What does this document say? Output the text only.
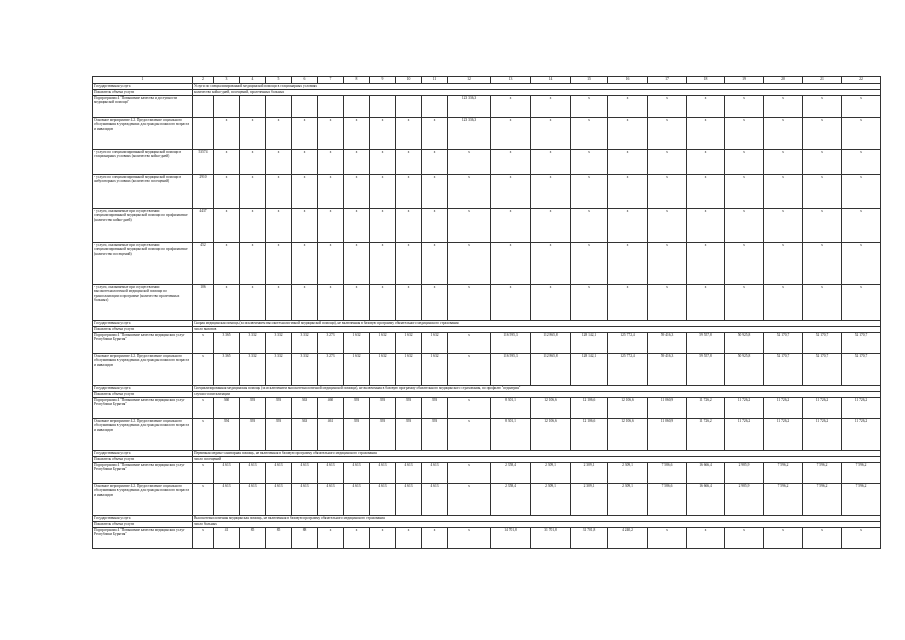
1	2	3	4	5	6	7	8	9	10	11	12	13	14	15	16	17	18	19	20	21	22
Государственная услуга	Услуги по специализированной медицинской помощи в стационарных условиях																				
Показатель объема услуги	количество койко-дней, посещений, пролеченных больных																				
Подпрограмма 4 "Повышение качества и доступности медицинской помощи"											123 336,3	x	x	x	x	x	x	x	x	x	x
Основное мероприятие 4.2. Предоставление социального обслуживания в учреждениях для граждан пожилого возраста и инвалидов		x	x	x	x	x	x	x	x	x	123 336,3	x	x	x	x	x	x	x	x	x	x
- услуги по специализированной медицинской помощи в стационарных условиях (количество койко-дней)	53574	x	x	x	x	x	x	x	x	x	x	x	x	x	x	x	x	x	x	x	x
- услуги по специализированной медицинской помощи в амбулаторных условиях (количество посещений)	2910	x	x	x	x	x	x	x	x	x	x	x	x	x	x	x	x	x	x	x	x
- услуги, оказываемые при осуществлении специализированной медицинской помощи по профилактике (количество койко-дней)	4437	x	x	x	x	x	x	x	x	x	x	x	x	x	x	x	x	x	x	x	x
- услуги, оказываемые при осуществлении специализированной медицинской помощи по профилактике (количество посещений)	452	x	x	x	x	x	x	x	x	x	x	x	x	x	x	x	x	x	x	x	x
- услуги, оказываемые при осуществлении высокотехнологичной медицинской помощи по трансплантации и программе (количество пролеченных больных)	106	x	x	x	x	x	x	x	x	x	x	x	x	x	x	x	x	x	x	x	x
Государственная услуга	Скорая медицинская помощь (за исключением высокотехнологичной медицинской помощи), не включенная в базовую программу обязательного медицинского страхования																				
Показатель объема услуги	число вызовов																				
Подпрограмма 4 "Повышение качества медицинских услуг Республики Бурятия"	x	3 365	3 332	3 332	3 332	3 273	1 632	1 632	1 632	1 632	x	116 595,3	112 865,8	128 142,1	125 772,4	59 416,3	59 557,8	50 925,8	52 170,7	52 170,7	52 170,7
Основное мероприятие 4.2. Предоставление социального обслуживания в учреждениях для граждан пожилого возраста и инвалидов	x	3 365	3 332	3 332	3 332	3 273	1 632	1 632	1 632	1 632	x	116 595,3	112 865,8	128 142,1	125 772,4	59 416,3	59 557,8	50 925,8	52 170,7	52 170,7	52 170,7
Государственная услуга	Специализированная медицинская помощь (за исключением высокотехнологичной медицинской помощи), не включенная в базовую программу обязательного медицинского страхования, по профилю "педиатрия"																				
Показатель объема услуги	случаи госпитализации																				
Подпрограмма 4 "Повышение качества медицинских услуг Республики Бурятия"	x	360	393	393	363	460	393	393	393	393	x	8 301,1	12 106,6	12 106,6	12 106,6	11 060,9	11 726,2	11 726,2	11 726,2	11 726,2	11 726,2
Основное мероприятие 4.2. Предоставление социального обслуживания в учреждениях для граждан пожилого возраста и инвалидов	x	394	393	393	363	461	393	393	393	393	x	8 301,1	12 106,6	12 106,6	12 106,6	11 060,9	11 726,2	11 726,2	11 726,2	11 726,2	11 726,2
Государственная услуга	Первичная медико-санитарная помощь, не включенная в базовую программу обязательного медицинского страхования																				
Показатель объема услуги	число посещений																				
Подпрограмма 4 "Повышение качества медицинских услуг Республики Бурятия"	x	4 613	4 613	4 613	4 613	4 613	4 613	4 613	4 613	4 613	x	2 358,4	2 309,1	2 309,1	2 309,1	7 586,6	16 666,4	2 985,9	7 596,2	7 596,2	7 596,2
Основное мероприятие 4.2. Предоставление социального обслуживания в учреждениях для граждан пожилого возраста и инвалидов	x	4 613	4 613	4 613	4 613	4 613	4 613	4 613	4 613	4 613	x	2 358,4	2 309,1	2 309,1	2 309,1	7 586,6	16 666,4	2 985,9	7 596,2	7 596,2	7 596,2
Государственная услуга	Высокотехнологичная медицинская помощь, не включенная в базовую программу обязательного медицинского страхования																				
Показатель объема услуги	число больных																				
Подпрограмма 4 "Повышение качества медицинских услуг Республики Бурятия"	x	41	85	85	88	x	x	x	x	x	x	14 701,8	31 701,8	31 701,8	4 240,2	x	x	x	x	x	x
